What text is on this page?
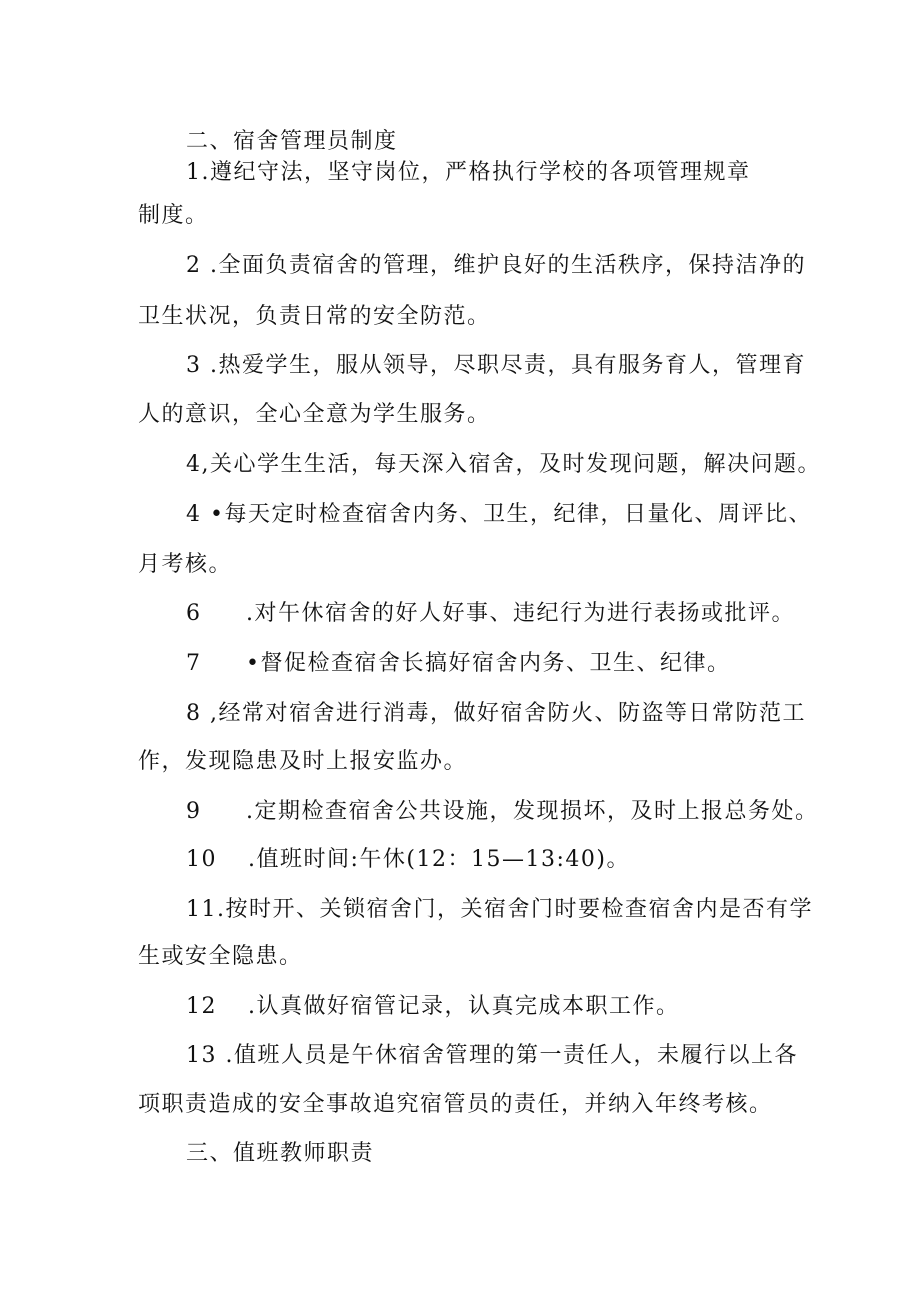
二、宿舍管理员制度
1.遵纪守法，坚守岗位，严格执行学校的各项管理规章
制度。
2 .全面负责宿舍的管理，维护良好的生活秩序，保持洁净的
卫生状况，负责日常的安全防范。
3 .热爱学生，服从领导，尽职尽责，具有服务育人，管理育
人的意识，全心全意为学生服务。
4,关心学生生活，每天深入宿舍，及时发现问题，解决问题。
4 •每天定时检查宿舍内务、卫生，纪律，日量化、周评比、
月考核。
6 .对午休宿舍的好人好事、违纪行为进行表扬或批评。
7 •督促检查宿舍长搞好宿舍内务、卫生、纪律。
8 ,经常对宿舍进行消毒，做好宿舍防火、防盗等日常防范工
作，发现隐患及时上报安监办。
9 .定期检查宿舍公共设施，发现损坏，及时上报总务处。
10 .值班时间:午休(12：15—13:40)。
11.按时开、关锁宿舍门，关宿舍门时要检查宿舍内是否有学
生或安全隐患。
12 .认真做好宿管记录，认真完成本职工作。
13 .值班人员是午休宿舍管理的第一责任人，未履行以上各
项职责造成的安全事故追究宿管员的责任，并纳入年终考核。
三、值班教师职责
